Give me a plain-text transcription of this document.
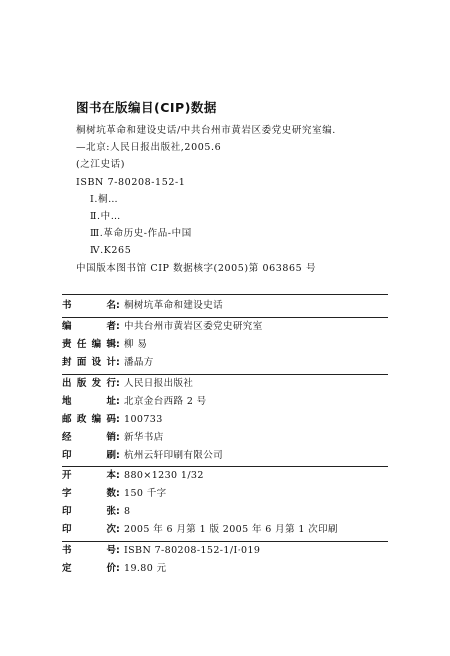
图书在版编目(CIP)数据
桐树坑革命和建设史话/中共台州市黄岩区委党史研究室编.
—北京:人民日报出版社,2005.6
(之江史话)
ISBN 7-80208-152-1
Ⅰ.桐…
Ⅱ.中…
Ⅲ.革命历史-作品-中国
Ⅳ.K265
中国版本图书馆 CIP 数据核字(2005)第 063865 号
书	名 : 桐树坑革命和建设史话
编	者 : 中共台州市黄岩区委党史研究室
责 任 编 辑 : 柳 易
封 面 设 计 : 潘晶方
出 版 发 行 : 人民日报出版社
地	址 : 北京金台西路 2 号
邮 政 编 码 : 100733
经	销 : 新华书店
印	刷 : 杭州云轩印刷有限公司
开	本 : 880×1230 1/32
字	数 : 150 千字
印	张 : 8
印	次 : 2005 年 6 月第 1 版 2005 年 6 月第 1 次印刷
书	号 : ISBN 7-80208-152-1/I·019
定	价 : 19.80 元
